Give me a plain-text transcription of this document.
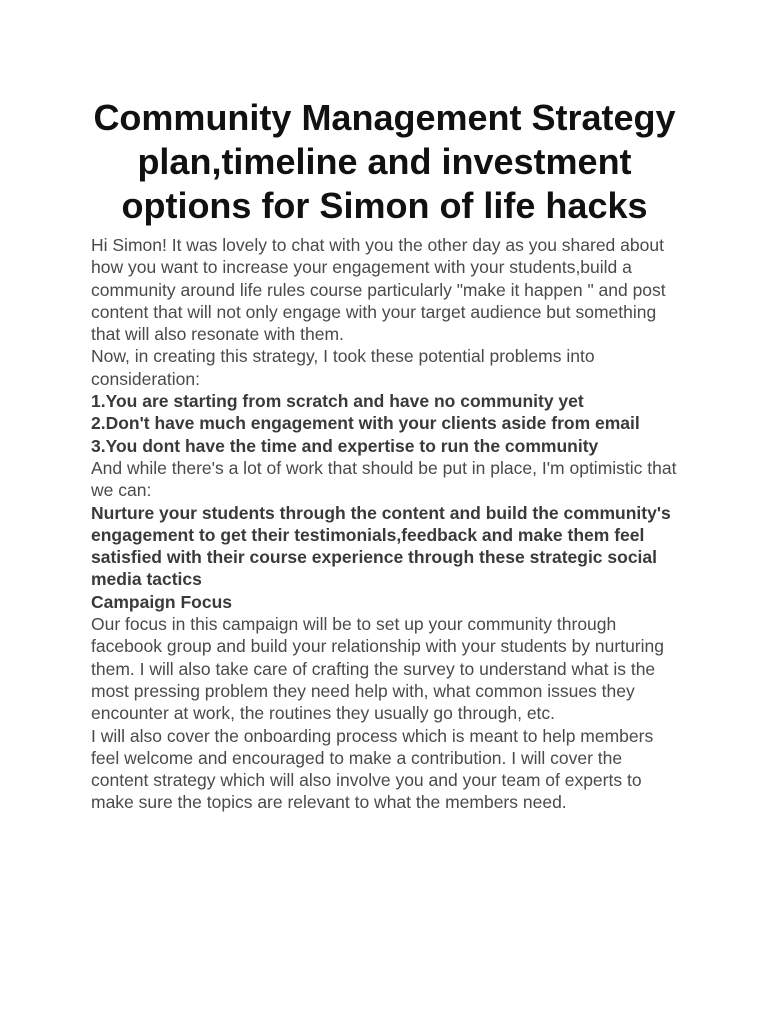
Community Management Strategy plan,timeline and investment options for Simon of life hacks

Hi Simon! It was lovely to chat with you the other day as you shared about how you want to increase your engagement with your students,build a community around life rules course particularly "make it happen " and post content that will not only engage with your target audience but something that will also resonate with them.

Now, in creating this strategy, I took these potential problems into consideration:

1.You are starting from scratch and have no community yet

2.Don't have much engagement with your clients aside from email

3.You dont have the time and expertise to run the community

And while there's a lot of work that should be put in place, I'm optimistic that we can:

Nurture your students through the content and build the community's engagement to get their testimonials,feedback and make them feel satisfied with their course experience through these strategic social media tactics

Campaign Focus

Our focus in this campaign will be to set up your community through facebook group and build your relationship with your students by nurturing them. I will also take care of crafting the survey to understand what is the most pressing problem they need help with, what common issues they encounter at work, the routines they usually go through, etc.

I will also cover the onboarding process which is meant to help members feel welcome and encouraged to make a contribution. I will cover the content strategy which will also involve you and your team of experts to make sure the topics are relevant to what the members need.
